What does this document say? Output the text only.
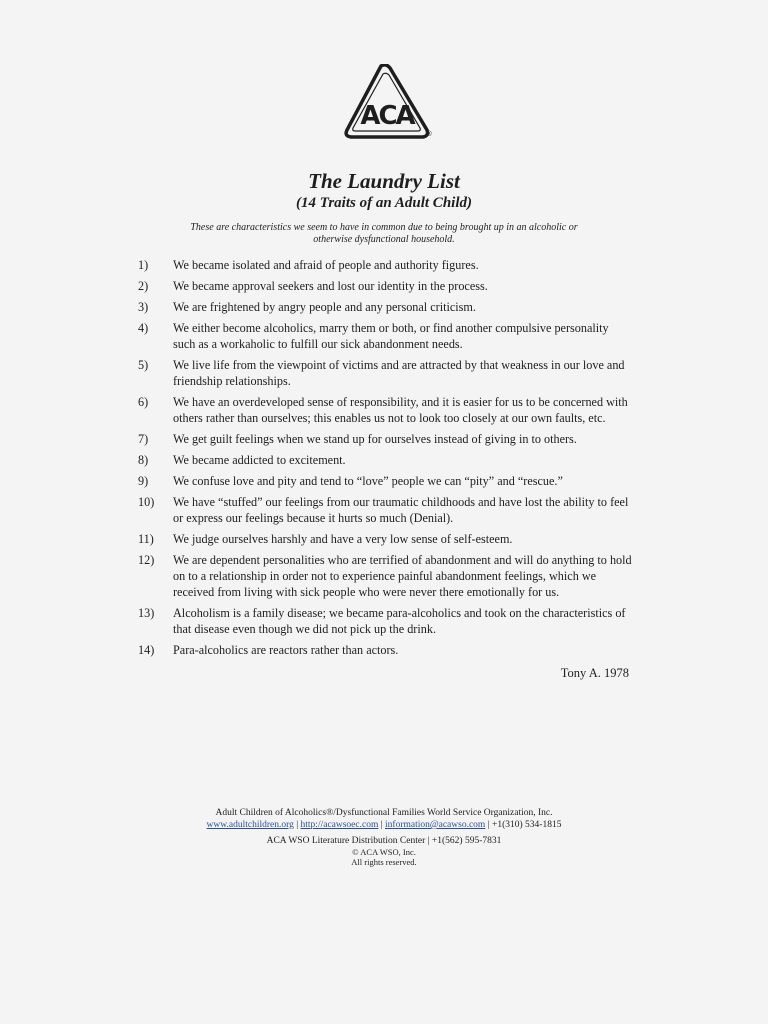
ACA
®
The Laundry List
(14 Traits of an Adult Child)
These are characteristics we seem to have in common due to being brought up in an alcoholic or otherwise dysfunctional household.
1)	We became isolated and afraid of people and authority figures.
2)	We became approval seekers and lost our identity in the process.
3)	We are frightened by angry people and any personal criticism.
4)	We either become alcoholics, marry them or both, or find another compulsive personality such as a workaholic to fulfill our sick abandonment needs.
5)	We live life from the viewpoint of victims and are attracted by that weakness in our love and friendship relationships.
6)	We have an overdeveloped sense of responsibility, and it is easier for us to be concerned with others rather than ourselves; this enables us not to look too closely at our own faults, etc.
7)	We get guilt feelings when we stand up for ourselves instead of giving in to others.
8)	We became addicted to excitement.
9)	We confuse love and pity and tend to “love” people we can “pity” and “rescue.”
10)	We have “stuffed” our feelings from our traumatic childhoods and have lost the ability to feel or express our feelings because it hurts so much (Denial).
11)	We judge ourselves harshly and have a very low sense of self-esteem.
12)	We are dependent personalities who are terrified of abandonment and will do anything to hold on to a relationship in order not to experience painful abandonment feelings, which we received from living with sick people who were never there emotionally for us.
13)	Alcoholism is a family disease; we became para-alcoholics and took on the characteristics of that disease even though we did not pick up the drink.
14)	Para-alcoholics are reactors rather than actors.
Tony A. 1978
Adult Children of Alcoholics®/Dysfunctional Families World Service Organization, Inc.
www.adultchildren.org | http://acawsoec.com | information@acawso.com | +1(310) 534-1815
ACA WSO Literature Distribution Center | +1(562) 595-7831
© ACA WSO, Inc.
All rights reserved.
